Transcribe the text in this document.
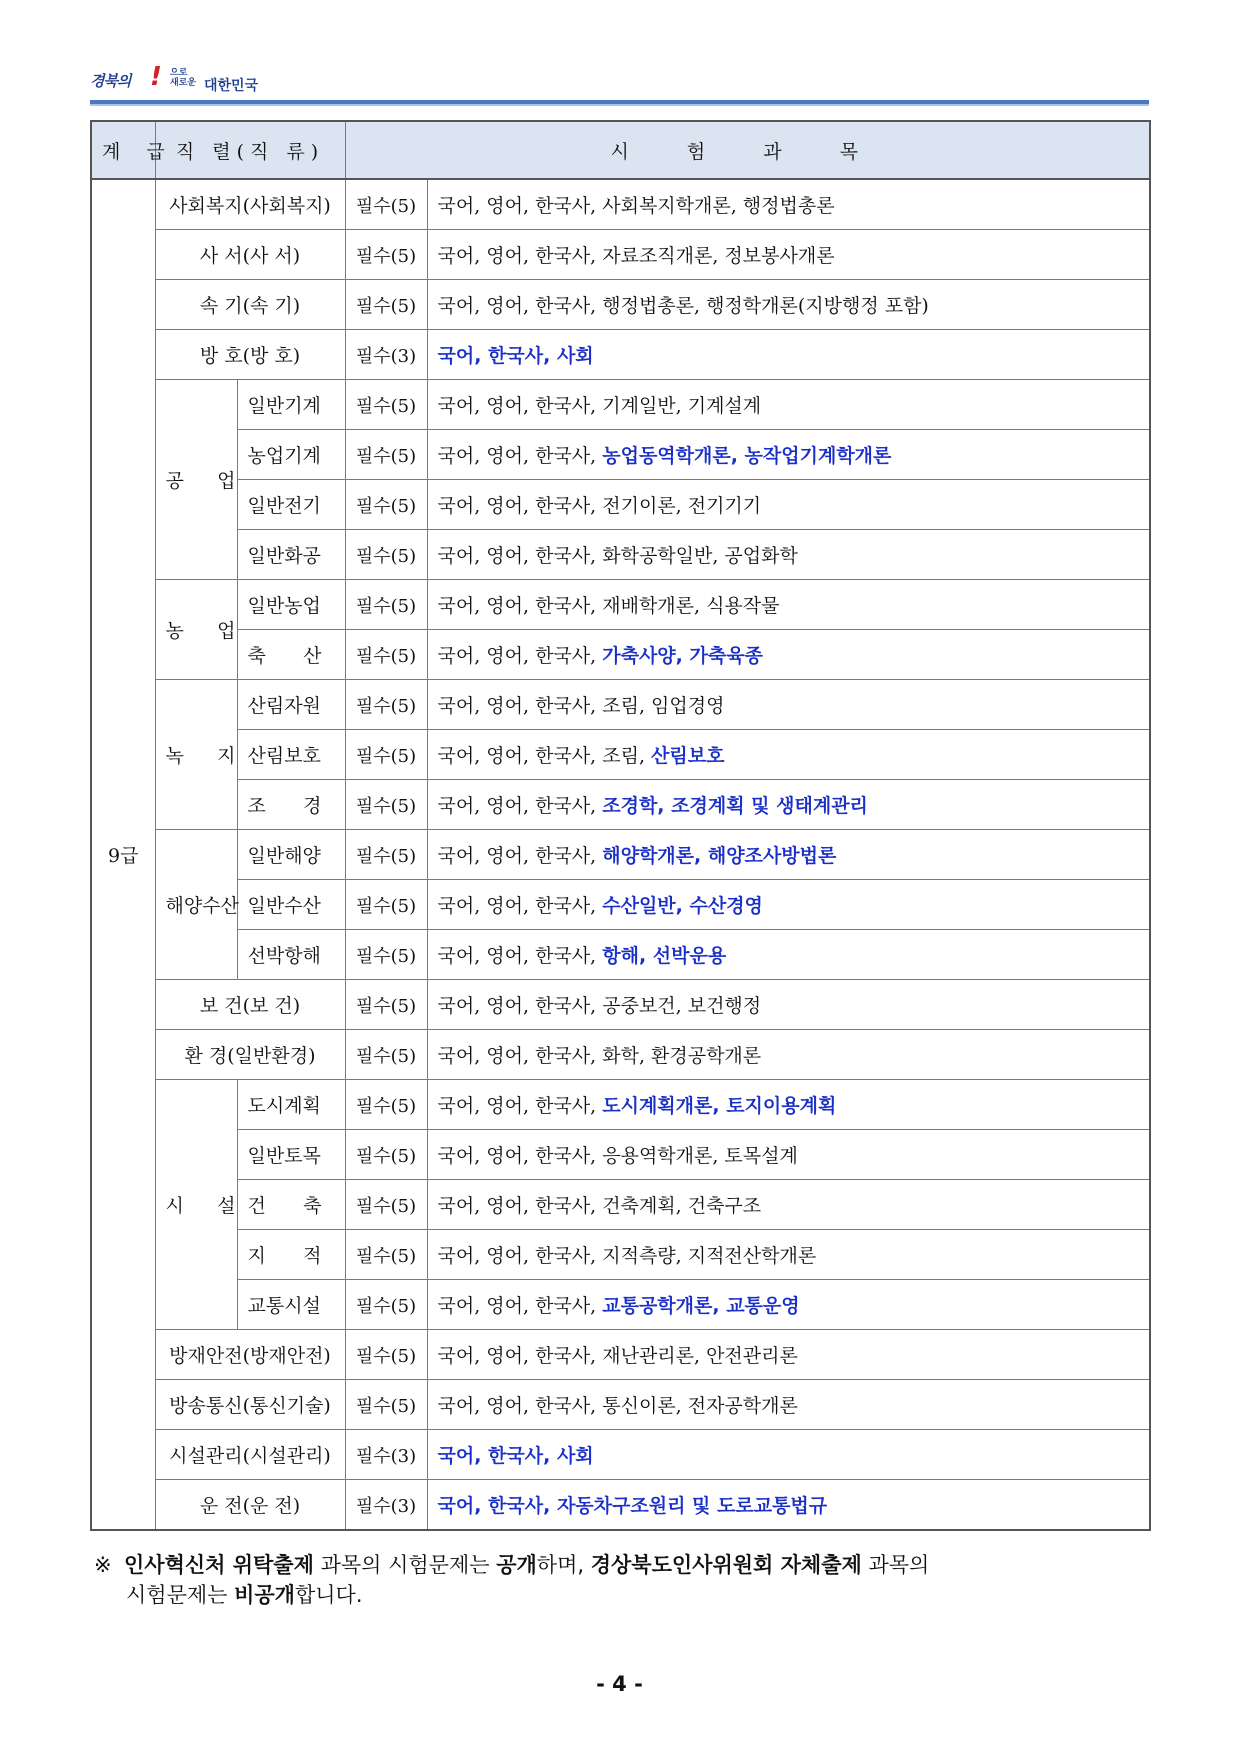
경북의 ! 으로
새로운 대한민국
계 급	직 렬(직 류)		시 험 과 목	
9급	사회복지(사회복지)		필수(5)	국어, 영어, 한국사, 사회복지학개론, 행정법총론
	사 서(사 서)		필수(5)	국어, 영어, 한국사, 자료조직개론, 정보봉사개론
	속 기(속 기)		필수(5)	국어, 영어, 한국사, 행정법총론, 행정학개론(지방행정 포함)
	방 호(방 호)		필수(3)	국어, 한국사, 사회
	공 업	일반기계	필수(5)	국어, 영어, 한국사, 기계일반, 기계설계
		농업기계	필수(5)	국어, 영어, 한국사, 농업동역학개론, 농작업기계학개론
		일반전기	필수(5)	국어, 영어, 한국사, 전기이론, 전기기기
		일반화공	필수(5)	국어, 영어, 한국사, 화학공학일반, 공업화학
	농 업	일반농업	필수(5)	국어, 영어, 한국사, 재배학개론, 식용작물
		축 산	필수(5)	국어, 영어, 한국사, 가축사양, 가축육종
	녹 지	산림자원	필수(5)	국어, 영어, 한국사, 조림, 임업경영
		산림보호	필수(5)	국어, 영어, 한국사, 조림, 산림보호
		조 경	필수(5)	국어, 영어, 한국사, 조경학, 조경계획 및 생태계관리
	해양수산	일반해양	필수(5)	국어, 영어, 한국사, 해양학개론, 해양조사방법론
		일반수산	필수(5)	국어, 영어, 한국사, 수산일반, 수산경영
		선박항해	필수(5)	국어, 영어, 한국사, 항해, 선박운용
	보 건(보 건)		필수(5)	국어, 영어, 한국사, 공중보건, 보건행정
	환 경(일반환경)		필수(5)	국어, 영어, 한국사, 화학, 환경공학개론
	시 설	도시계획	필수(5)	국어, 영어, 한국사, 도시계획개론, 토지이용계획
		일반토목	필수(5)	국어, 영어, 한국사, 응용역학개론, 토목설계
		건 축	필수(5)	국어, 영어, 한국사, 건축계획, 건축구조
		지 적	필수(5)	국어, 영어, 한국사, 지적측량, 지적전산학개론
		교통시설	필수(5)	국어, 영어, 한국사, 교통공학개론, 교통운영
	방재안전(방재안전)		필수(5)	국어, 영어, 한국사, 재난관리론, 안전관리론
	방송통신(통신기술)		필수(5)	국어, 영어, 한국사, 통신이론, 전자공학개론
	시설관리(시설관리)		필수(3)	국어, 한국사, 사회
	운 전(운 전)		필수(3)	국어, 한국사, 자동차구조원리 및 도로교통법규
※ 인사혁신처 위탁출제 과목의 시험문제는 공개하며, 경상북도인사위원회 자체출제 과목의
시험문제는 비공개합니다.
- 4 -
